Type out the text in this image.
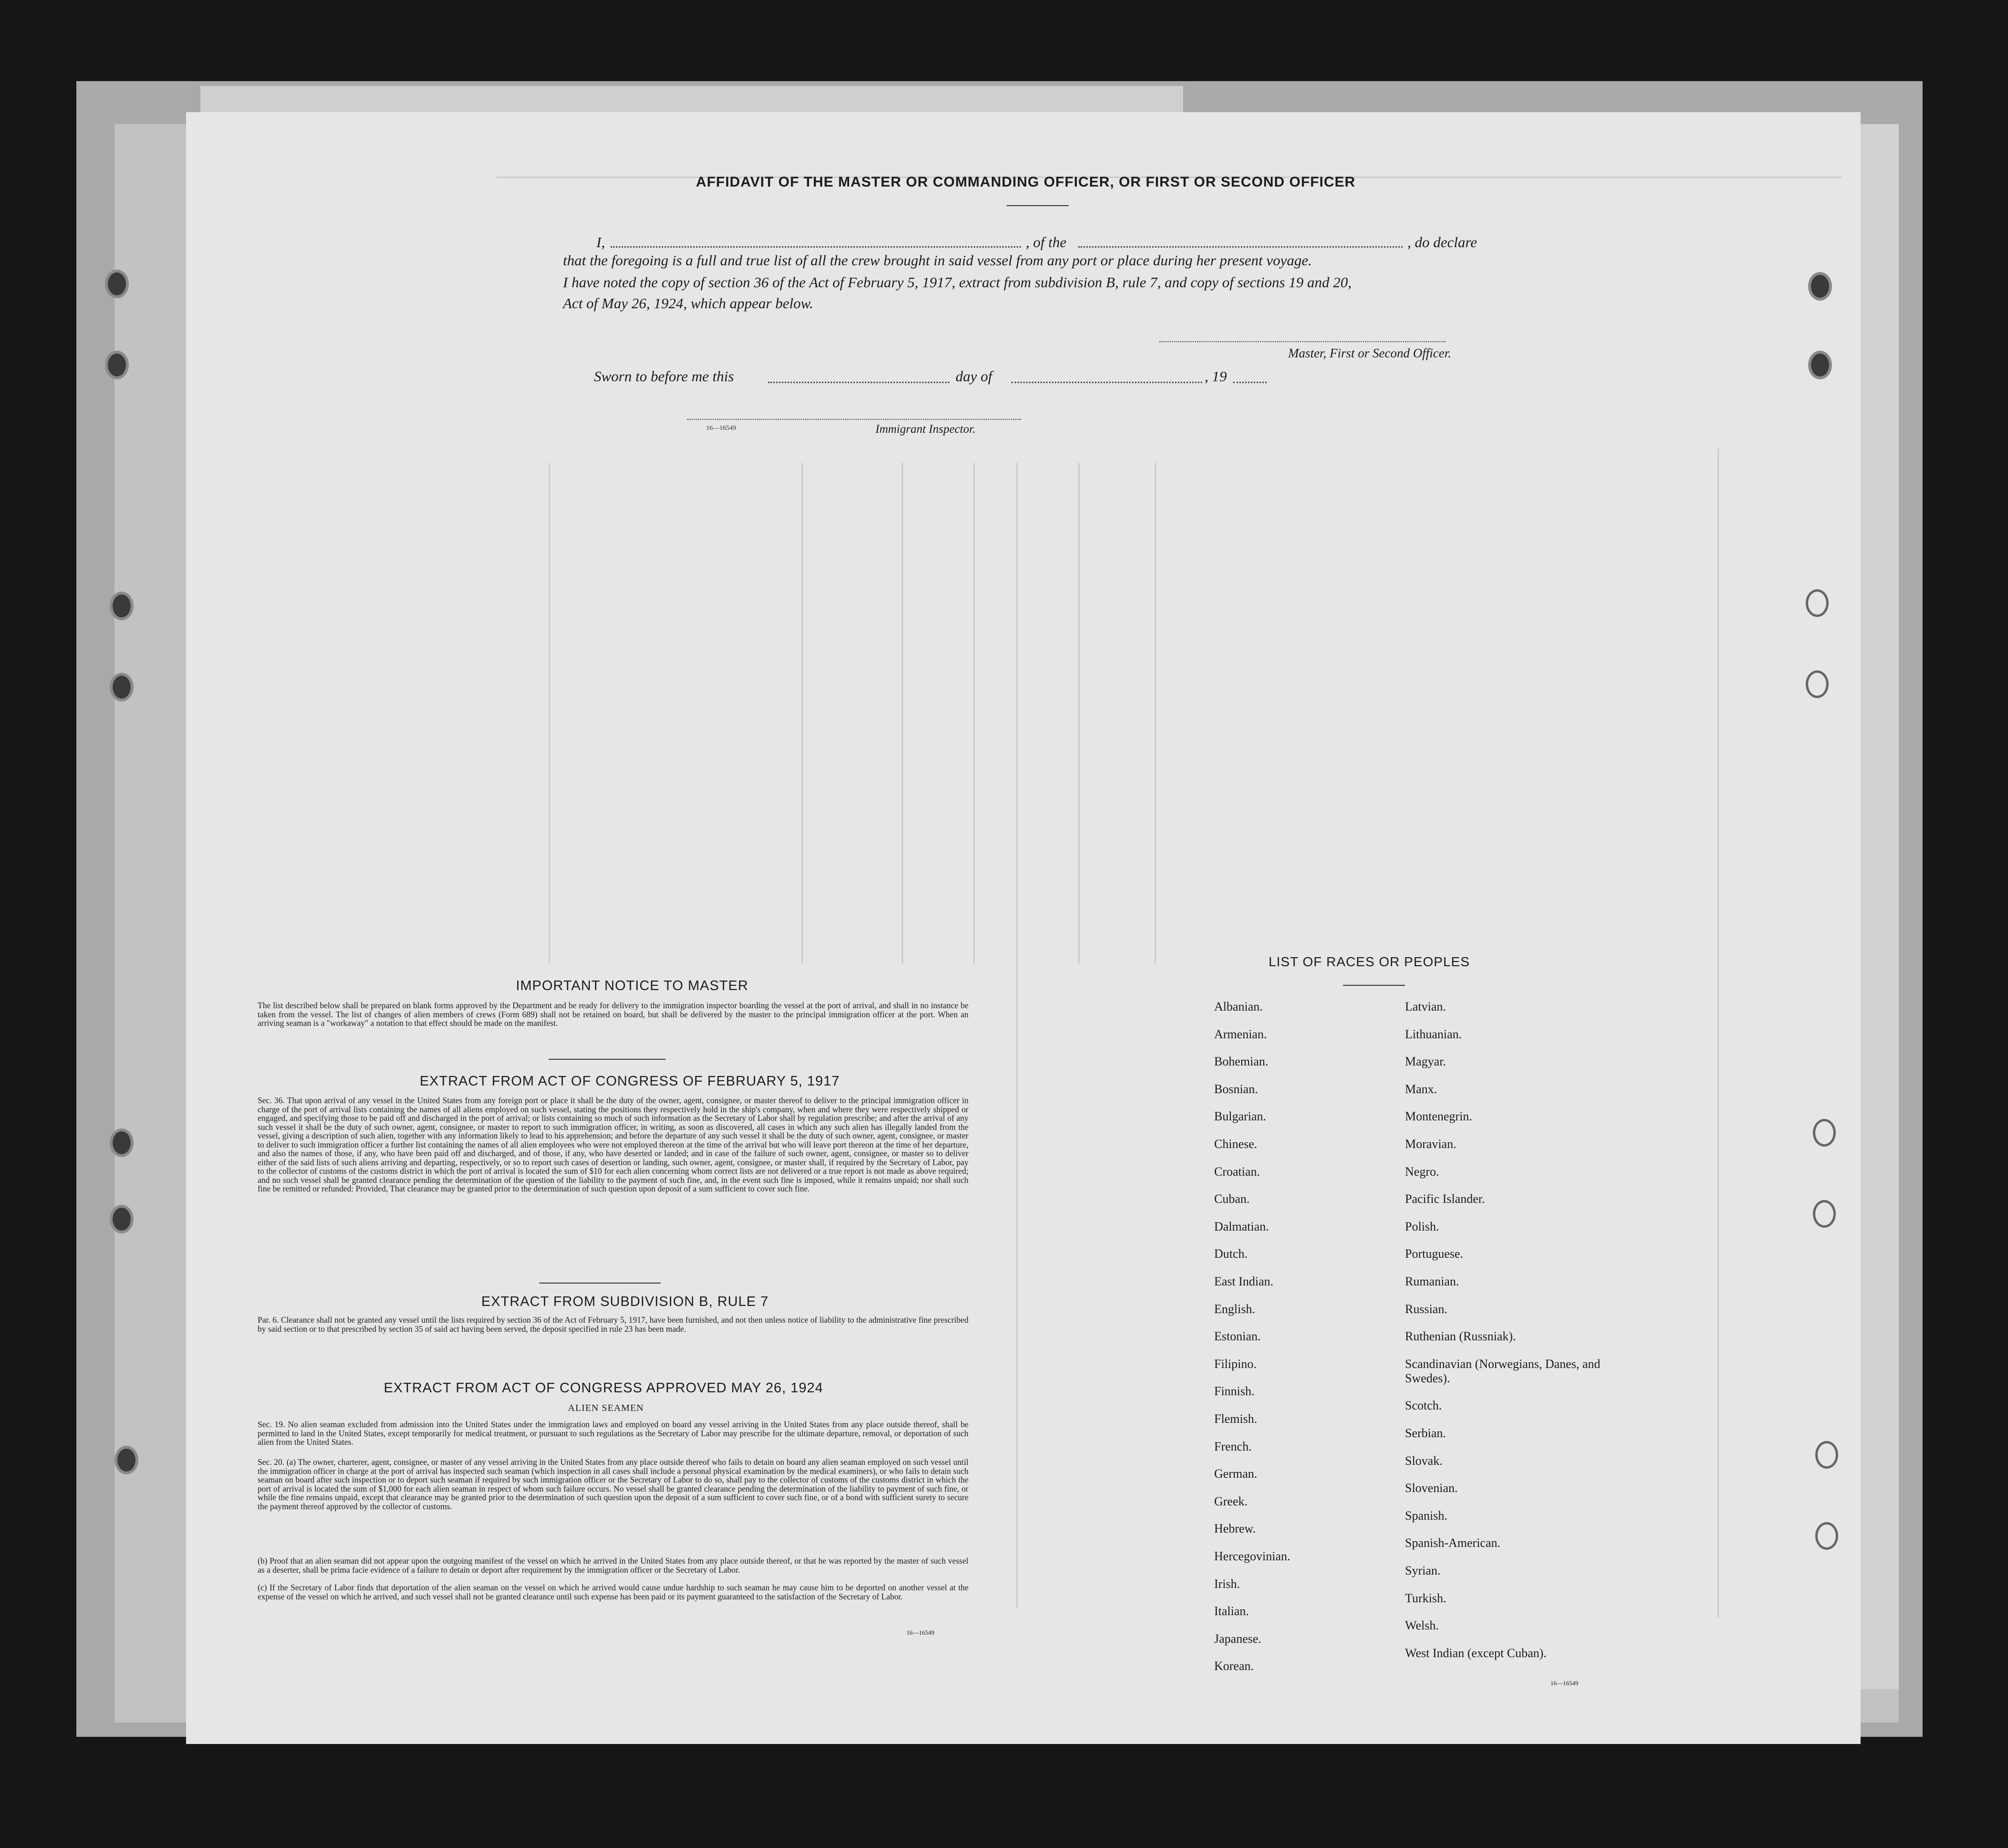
AFFIDAVIT OF THE MASTER OR COMMANDING OFFICER, OR FIRST OR SECOND OFFICER
I,	, of the	, do declare
that the foregoing is a full and true list of all the crew brought in said vessel from any port or place during her present voyage.
I have noted the copy of section 36 of the Act of February 5, 1917, extract from subdivision B, rule 7, and copy of sections 19 and 20,
Act of May 26, 1924, which appear below.
Master, First or Second Officer.
Sworn to before me this	day of	, 19
16—16549	Immigrant Inspector.
IMPORTANT NOTICE TO MASTER
The list described below shall be prepared on blank forms approved by the Department and be ready for delivery to the immigration inspector boarding the vessel at the port of arrival, and shall in no instance be taken from the vessel. The list of changes of alien members of crews (Form 689) shall not be retained on board, but shall be delivered by the master to the principal immigration officer at the port. When an arriving seaman is a "workaway" a notation to that effect should be made on the manifest.
EXTRACT FROM ACT OF CONGRESS OF FEBRUARY 5, 1917
Sec. 36. That upon arrival of any vessel in the United States from any foreign port or place it shall be the duty of the owner, agent, consignee, or master thereof to deliver to the principal immigration officer in charge of the port of arrival lists containing the names of all aliens employed on such vessel, stating the positions they respectively hold in the ship's company, when and where they were respectively shipped or engaged, and specifying those to be paid off and discharged in the port of arrival; or lists containing so much of such information as the Secretary of Labor shall by regulation prescribe; and after the arrival of any such vessel it shall be the duty of such owner, agent, consignee, or master to report to such immigration officer, in writing, as soon as discovered, all cases in which any such alien has illegally landed from the vessel, giving a description of such alien, together with any information likely to lead to his apprehension; and before the departure of any such vessel it shall be the duty of such owner, agent, consignee, or master to deliver to such immigration officer a further list containing the names of all alien employees who were not employed thereon at the time of the arrival but who will leave port thereon at the time of her departure, and also the names of those, if any, who have been paid off and discharged, and of those, if any, who have deserted or landed; and in case of the failure of such owner, agent, consignee, or master so to deliver either of the said lists of such aliens arriving and departing, respectively, or so to report such cases of desertion or landing, such owner, agent, consignee, or master shall, if required by the Secretary of Labor, pay to the collector of customs of the customs district in which the port of arrival is located the sum of $10 for each alien concerning whom correct lists are not delivered or a true report is not made as above required; and no such vessel shall be granted clearance pending the determination of the question of the liability to the payment of such fine, and, in the event such fine is imposed, while it remains unpaid; nor shall such fine be remitted or refunded: Provided, That clearance may be granted prior to the determination of such question upon deposit of a sum sufficient to cover such fine.
EXTRACT FROM SUBDIVISION B, RULE 7
Par. 6. Clearance shall not be granted any vessel until the lists required by section 36 of the Act of February 5, 1917, have been furnished, and not then unless notice of liability to the administrative fine prescribed by said section or to that prescribed by section 35 of said act having been served, the deposit specified in rule 23 has been made.
EXTRACT FROM ACT OF CONGRESS APPROVED MAY 26, 1924
ALIEN SEAMEN
Sec. 19. No alien seaman excluded from admission into the United States under the immigration laws and employed on board any vessel arriving in the United States from any place outside thereof, shall be permitted to land in the United States, except temporarily for medical treatment, or pursuant to such regulations as the Secretary of Labor may prescribe for the ultimate departure, removal, or deportation of such alien from the United States.
Sec. 20. (a) The owner, charterer, agent, consignee, or master of any vessel arriving in the United States from any place outside thereof who fails to detain on board any alien seaman employed on such vessel until the immigration officer in charge at the port of arrival has inspected such seaman (which inspection in all cases shall include a personal physical examination by the medical examiners), or who fails to detain such seaman on board after such inspection or to deport such seaman if required by such immigration officer or the Secretary of Labor to do so, shall pay to the collector of customs of the customs district in which the port of arrival is located the sum of $1,000 for each alien seaman in respect of whom such failure occurs. No vessel shall be granted clearance pending the determination of the liability to payment of such fine, or while the fine remains unpaid, except that clearance may be granted prior to the determination of such question upon the deposit of a sum sufficient to cover such fine, or of a bond with sufficient surety to secure the payment thereof approved by the collector of customs.
(b) Proof that an alien seaman did not appear upon the outgoing manifest of the vessel on which he arrived in the United States from any place outside thereof, or that he was reported by the master of such vessel as a deserter, shall be prima facie evidence of a failure to detain or deport after requirement by the immigration officer or the Secretary of Labor.
(c) If the Secretary of Labor finds that deportation of the alien seaman on the vessel on which he arrived would cause undue hardship to such seaman he may cause him to be deported on another vessel at the expense of the vessel on which he arrived, and such vessel shall not be granted clearance until such expense has been paid or its payment guaranteed to the satisfaction of the Secretary of Labor.
16—16549
LIST OF RACES OR PEOPLES
Albanian.
Armenian.
Bohemian.
Bosnian.
Bulgarian.
Chinese.
Croatian.
Cuban.
Dalmatian.
Dutch.
East Indian.
English.
Estonian.
Filipino.
Finnish.
Flemish.
French.
German.
Greek.
Hebrew.
Hercegovinian.
Irish.
Italian.
Japanese.
Korean.
Latvian.
Lithuanian.
Magyar.
Manx.
Montenegrin.
Moravian.
Negro.
Pacific Islander.
Polish.
Portuguese.
Rumanian.
Russian.
Ruthenian (Russniak).
Scandinavian (Norwegians, Danes, and Swedes).
Scotch.
Serbian.
Slovak.
Slovenian.
Spanish.
Spanish-American.
Syrian.
Turkish.
Welsh.
West Indian (except Cuban).
16—16549
